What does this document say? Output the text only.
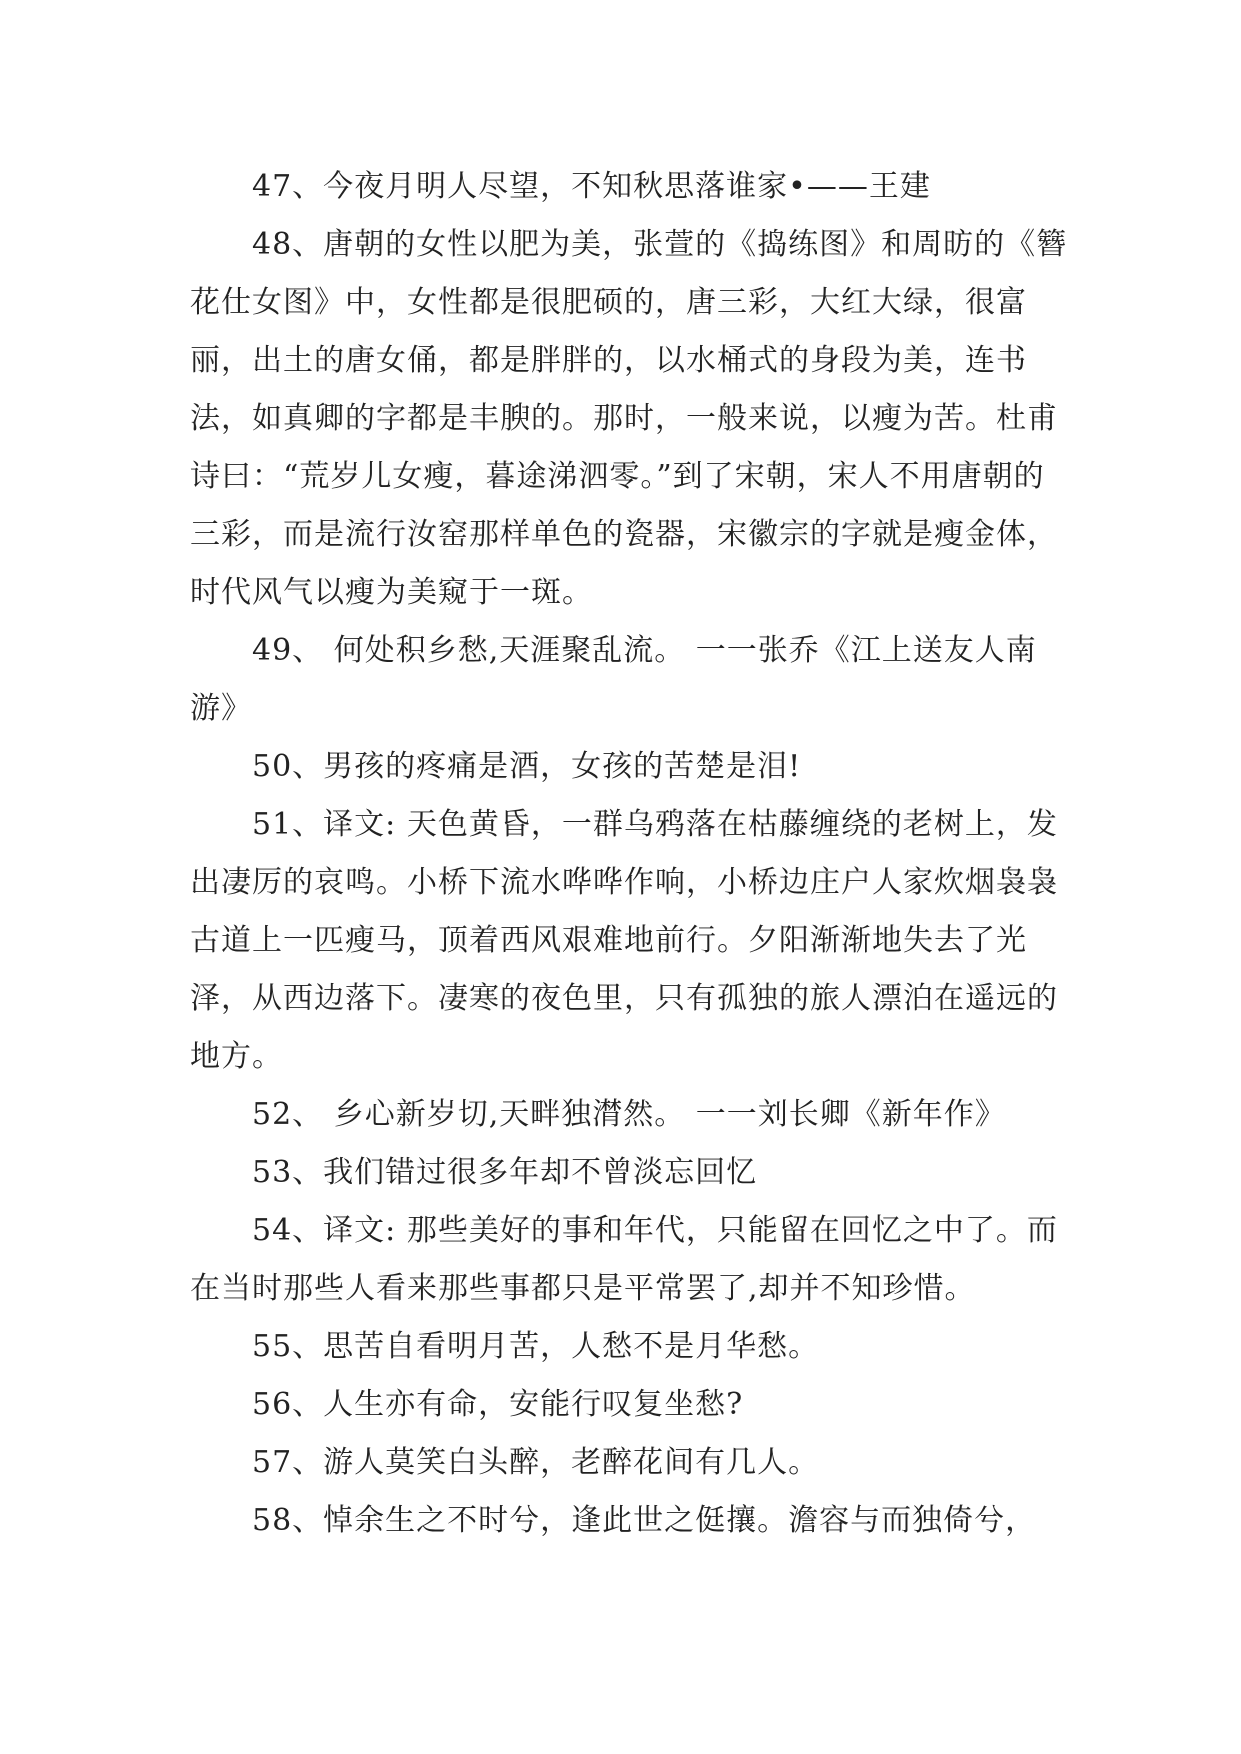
47、今夜月明人尽望，不知秋思落谁家•——王建

48、唐朝的女性以肥为美，张萱的《捣练图》和周昉的《簪花仕女图》中，女性都是很肥硕的，唐三彩，大红大绿，很富丽，出土的唐女俑，都是胖胖的，以水桶式的身段为美，连书法，如真卿的字都是丰腴的。那时，一般来说，以瘦为苦。杜甫诗曰：“荒岁儿女瘦，暮途涕泗零。”到了宋朝，宋人不用唐朝的三彩，而是流行汝窑那样单色的瓷器，宋徽宗的字就是瘦金体，时代风气以瘦为美窥于一斑。

49、 何处积乡愁,天涯聚乱流。 一一张乔《江上送友人南游》

50、男孩的疼痛是酒，女孩的苦楚是泪!

51、译文: 天色黄昏，一群乌鸦落在枯藤缠绕的老树上，发出凄厉的哀鸣。小桥下流水哗哗作响，小桥边庄户人家炊烟袅袅古道上一匹瘦马，顶着西风艰难地前行。夕阳渐渐地失去了光泽，从西边落下。凄寒的夜色里，只有孤独的旅人漂泊在遥远的地方。

52、 乡心新岁切,天畔独潸然。 一一刘长卿《新年作》

53、我们错过很多年却不曾淡忘回忆

54、译文: 那些美好的事和年代，只能留在回忆之中了。而在当时那些人看来那些事都只是平常罢了,却并不知珍惜。

55、思苦自看明月苦，人愁不是月华愁。

56、人生亦有命，安能行叹复坐愁?

57、游人莫笑白头醉，老醉花间有几人。

58、悼余生之不时兮，逢此世之侹攘。澹容与而独倚兮，
